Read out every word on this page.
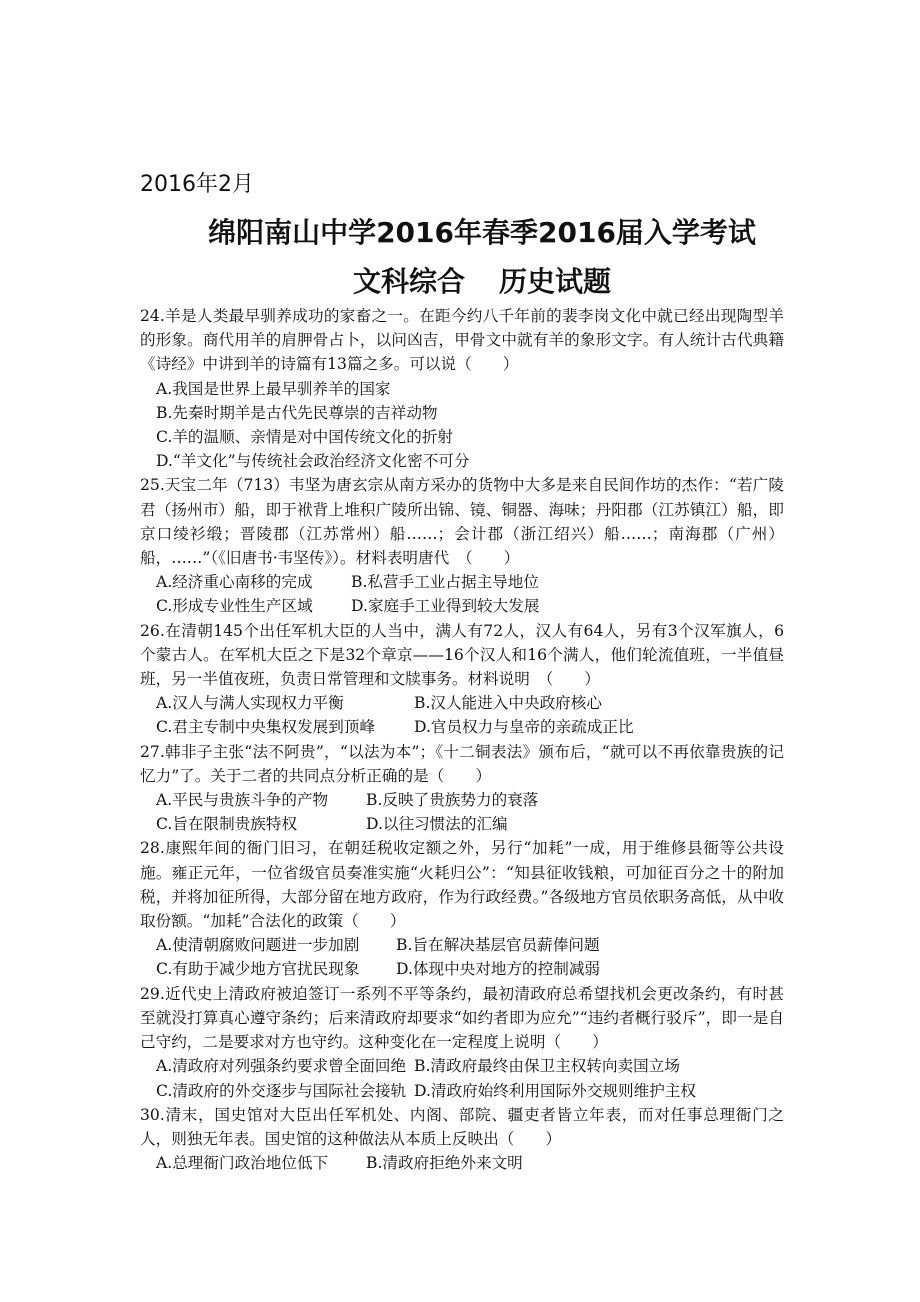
2016年2月
绵阳南山中学2016年春季2016届入学考试
文科综合 历史试题

24.羊是人类最早驯养成功的家畜之一。在距今约八千年前的裴李岗文化中就已经出现陶型羊的形象。商代用羊的肩胛骨占卜，以问凶吉，甲骨文中就有羊的象形文字。有人统计古代典籍《诗经》中讲到羊的诗篇有13篇之多。可以说（　　）

A.我国是世界上最早驯养羊的国家

B.先秦时期羊是古代先民尊崇的吉祥动物

C.羊的温顺、亲情是对中国传统文化的折射

D.“羊文化”与传统社会政治经济文化密不可分

25.天宝二年（713）韦坚为唐玄宗从南方采办的货物中大多是来自民间作坊的杰作：“若广陵君（扬州市）船，即于袱背上堆积广陵所出锦、镜、铜器、海味；丹阳郡（江苏镇江）船，即京口绫衫缎；晋陵郡（江苏常州）船……；会计郡（浙江绍兴）船……；南海郡（广州）船，……”（《旧唐书·韦坚传》）。材料表明唐代　（　　）

A.经济重心南移的完成 B.私营手工业占据主导地位

C.形成专业性生产区域 D.家庭手工业得到较大发展

26.在清朝145个出任军机大臣的人当中，满人有72人，汉人有64人，另有3个汉军旗人，6个蒙古人。在军机大臣之下是32个章京——16个汉人和16个满人，他们轮流值班，一半值昼班，另一半值夜班，负责日常管理和文牍事务。材料说明　（　　）

A.汉人与满人实现权力平衡	B.汉人能进入中央政府核心

C.君主专制中央集权发展到顶峰 D.官员权力与皇帝的亲疏成正比

27.韩非子主张“法不阿贵”，“以法为本”；《十二铜表法》颁布后，“就可以不再依靠贵族的记忆力”了。关于二者的共同点分析正确的是（　　）

A.平民与贵族斗争的产物 B.反映了贵族势力的衰落

C.旨在限制贵族特权	D.以往习惯法的汇编

28.康熙年间的衙门旧习，在朝廷税收定额之外，另行“加耗”一成，用于维修县衙等公共设施。雍正元年，一位省级官员奏准实施“火耗归公”：“知县征收钱粮，可加征百分之十的附加税，并将加征所得，大部分留在地方政府，作为行政经费。”各级地方官员依职务高低，从中收取份额。“加耗”合法化的政策（　　）

A.使清朝腐败问题进一步加剧 B.旨在解决基层官员薪俸问题

C.有助于减少地方官扰民现象 D.体现中央对地方的控制减弱

29.近代史上清政府被迫签订一系列不平等条约，最初清政府总希望找机会更改条约，有时甚至就没打算真心遵守条约；后来清政府却要求“如约者即为应允”“违约者概行驳斥”，即一是自己守约，二是要求对方也守约。这种变化在一定程度上说明（　　）

A.清政府对列强条约要求曾全面回绝 B.清政府最终由保卫主权转向卖国立场

C.清政府的外交逐步与国际社会接轨 D.清政府始终利用国际外交规则维护主权

30.清末，国史馆对大臣出任军机处、内阁、部院、疆吏者皆立年表，而对任事总理衙门之人，则独无年表。国史馆的这种做法从本质上反映出（　　）

A.总理衙门政治地位低下 B.清政府拒绝外来文明
